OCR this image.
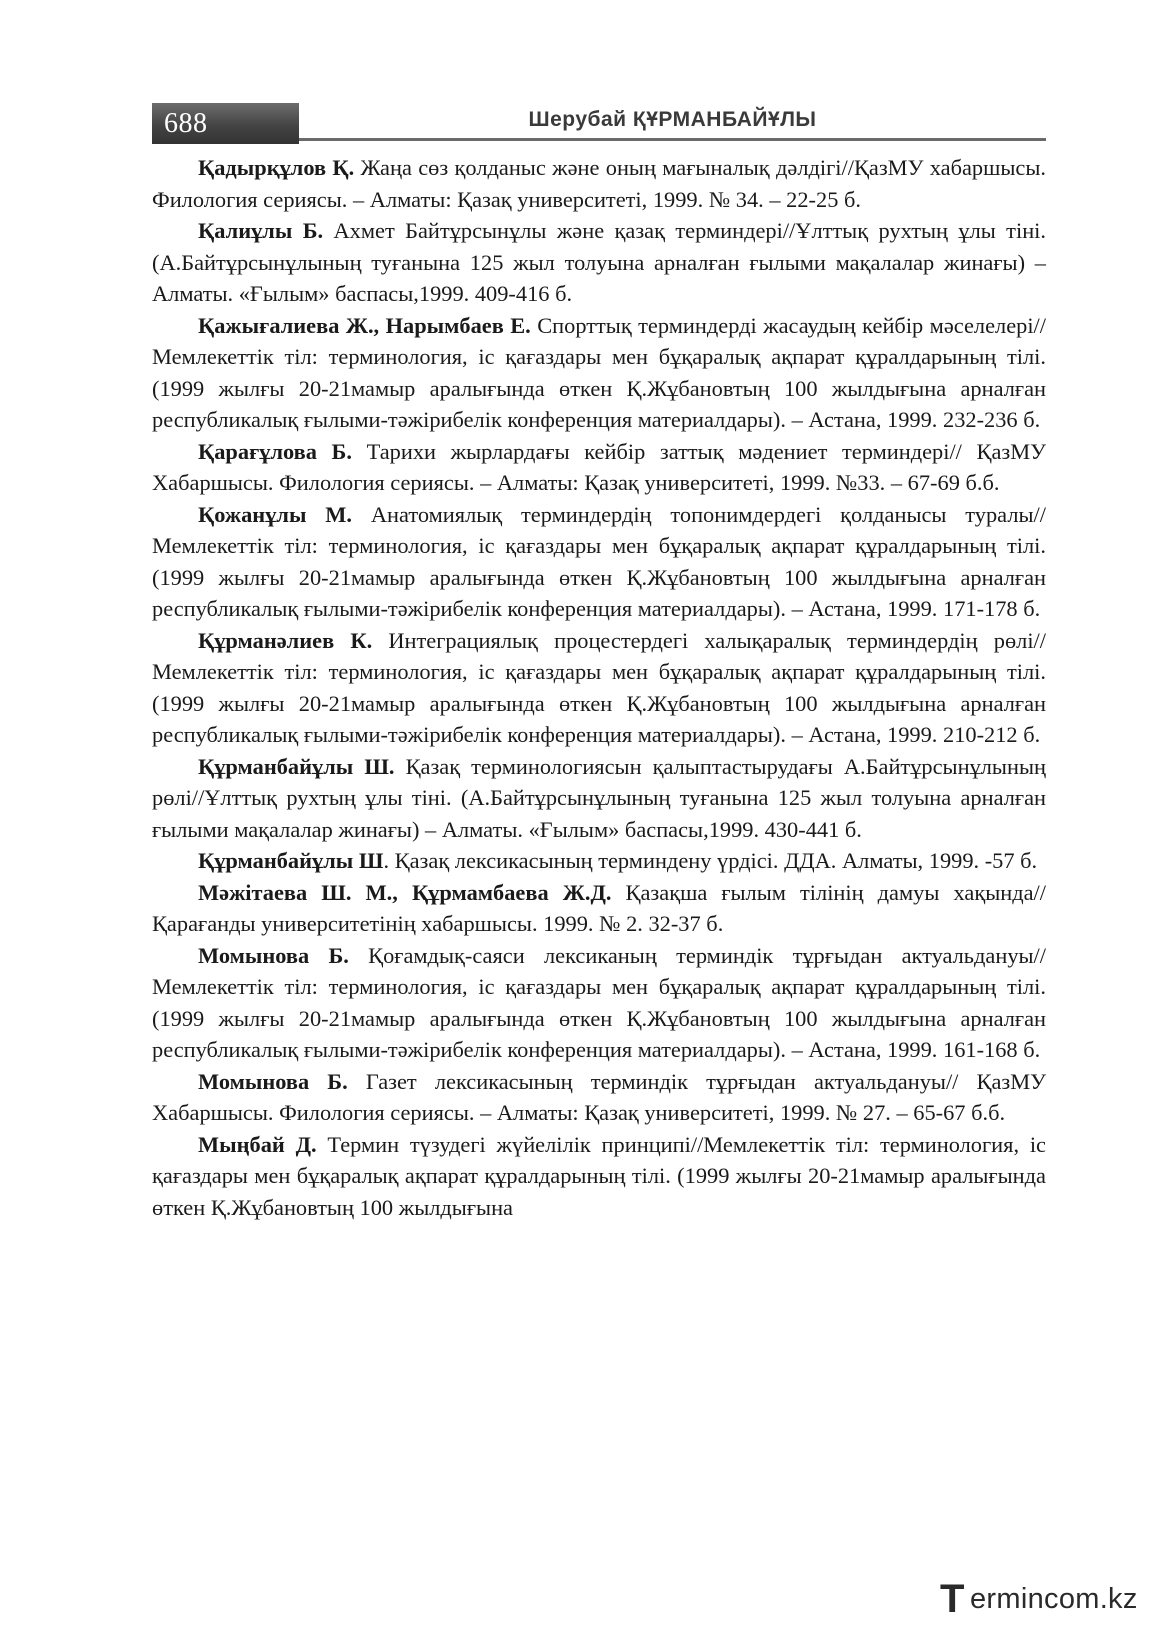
688	Шерубай ҚҰРМАНБАЙҰЛЫ

Қадырқұлов Қ. Жаңа сөз қолданыс және оның мағыналық дәлдігі//ҚазМУ хабаршысы. Филология сериясы. – Алматы: Қазақ университеті, 1999. № 34. – 22-25 б.

Қалиұлы Б. Ахмет Байтұрсынұлы және қазақ терминдері//Ұлттық рухтың ұлы тіні. (А.Байтұрсынұлының туғанына 125 жыл толуына арналған ғылыми мақалалар жинағы) – Алматы. «Ғылым» баспасы,1999. 409-416 б.

Қажығалиева Ж., Нарымбаев Е. Спорттық терминдерді жасаудың кейбір мәселелері//Мемлекеттік тіл: терминология, іс қағаздары мен бұқаралық ақпарат құралдарының тілі. (1999 жылғы 20-21мамыр аралығында өткен Қ.Жұбановтың 100 жылдығына арналған республикалық ғылыми-тәжірибелік конференция материалдары). – Астана, 1999. 232-236 б.

Қарағұлова Б. Тарихи жырлардағы кейбір заттық мәдениет терминдері// ҚазМУ Хабаршысы. Филология сериясы. – Алматы: Қазақ университеті, 1999. №33. – 67-69 б.б.

Қожанұлы М. Анатомиялық терминдердің топонимдердегі қолданысы туралы//Мемлекеттік тіл: терминология, іс қағаздары мен бұқаралық ақпарат құралдарының тілі. (1999 жылғы 20-21мамыр аралығында өткен Қ.Жұбановтың 100 жылдығына арналған республикалық ғылыми-тәжірибелік конференция материалдары). – Астана, 1999. 171-178 б.

Құрманәлиев К. Интеграциялық процестердегі халықаралық терминдердің рөлі//Мемлекеттік тіл: терминология, іс қағаздары мен бұқаралық ақпарат құралдарының тілі. (1999 жылғы 20-21мамыр аралығында өткен Қ.Жұбановтың 100 жылдығына арналған республикалық ғылыми-тәжірибелік конференция материалдары). – Астана, 1999. 210-212 б.

Құрманбайұлы Ш. Қазақ терминологиясын қалыптастырудағы А.Байтұрсынұлының рөлі//Ұлттық рухтың ұлы тіні. (А.Байтұрсынұлының туғанына 125 жыл толуына арналған ғылыми мақалалар жинағы) – Алматы. «Ғылым» баспасы,1999. 430-441 б.

Құрманбайұлы Ш. Қазақ лексикасының терминдену үрдісі. ДДА. Алматы, 1999. -57 б.

Мәжітаева Ш. М., Құрмамбаева Ж.Д. Қазақша ғылым тілінің дамуы хақында//Қарағанды университетінің хабаршысы. 1999. № 2. 32-37 б.

Момынова Б. Қоғамдық-саяси лексиканың терминдік тұрғыдан актуальдануы//Мемлекеттік тіл: терминология, іс қағаздары мен бұқаралық ақпарат құралдарының тілі. (1999 жылғы 20-21мамыр аралығында өткен Қ.Жұбановтың 100 жылдығына арналған республикалық ғылыми-тәжірибелік конференция материалдары). – Астана, 1999. 161-168 б.

Момынова Б. Газет лексикасының терминдік тұрғыдан актуальдануы// ҚазМУ Хабаршысы. Филология сериясы. – Алматы: Қазақ университеті, 1999. № 27. – 65-67 б.б.

Мыңбай Д. Термин түзудегі жүйелілік принципі//Мемлекеттік тіл: терминология, іс қағаздары мен бұқаралық ақпарат құралдарының тілі. (1999 жылғы 20-21мамыр аралығында өткен Қ.Жұбановтың 100 жылдығына

T ermincom.kz
